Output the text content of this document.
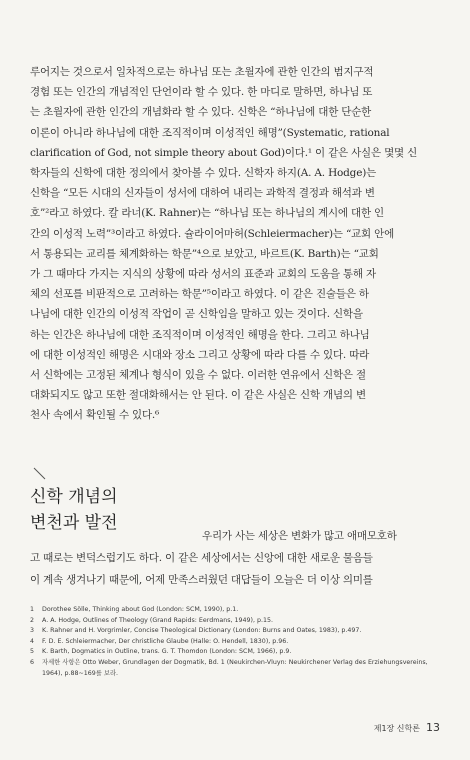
루어지는 것으로서 일차적으로는 하나님 또는 초월자에 관한 인간의 범지구적
경험 또는 인간의 개념적인 단언이라 할 수 있다. 한 마디로 말하면, 하나님 또
는 초월자에 관한 인간의 개념화라 할 수 있다. 신학은 “하나님에 대한 단순한
이론이 아니라 하나님에 대한 조직적이며 이성적인 해명”(Systematic, rational
clarification of God, not simple theory about God)이다.¹ 이 같은 사실은 몇몇 신
학자들의 신학에 대한 정의에서 찾아볼 수 있다. 신학자 하지(A. A. Hodge)는
신학을 “모든 시대의 신자들이 성서에 대하여 내리는 과학적 결정과 해석과 변
호”²라고 하였다. 칼 라너(K. Rahner)는 “하나님 또는 하나님의 계시에 대한 인
간의 이성적 노력”³이라고 하였다. 슐라이어마허(Schleiermacher)는 “교회 안에
서 통용되는 교리를 체계화하는 학문”⁴으로 보았고, 바르트(K. Barth)는 “교회
가 그 때마다 가지는 지식의 상황에 따라 성서의 표준과 교회의 도움을 통해 자
체의 선포를 비판적으로 고려하는 학문”⁵이라고 하였다. 이 같은 진술들은 하
나님에 대한 인간의 이성적 작업이 곧 신학임을 말하고 있는 것이다. 신학을
하는 인간은 하나님에 대한 조직적이며 이성적인 해명을 한다. 그리고 하나님
에 대한 이성적인 해명은 시대와 장소 그리고 상황에 따라 다를 수 있다. 따라
서 신학에는 고정된 체계나 형식이 있을 수 없다. 이러한 연유에서 신학은 절
대화되지도 않고 또한 절대화해서는 안 된다. 이 같은 사실은 신학 개념의 변
천사 속에서 확인될 수 있다.⁶
신학 개념의
변천과 발전
우리가 사는 세상은 변화가 많고 애매모호하
고 때로는 변덕스럽기도 하다. 이 같은 세상에서는 신앙에 대한 새로운 물음들
이 계속 생겨나기 때문에, 어제 만족스러웠던 대답들이 오늘은 더 이상 의미를
1	Dorothee Sölle, Thinking about God (London: SCM, 1990), p.1.
2	A. A. Hodge, Outlines of Theology (Grand Rapids: Eerdmans, 1949), p.15.
3	K. Rahner and H. Vorgrimler, Concise Theological Dictionary (London: Burns and Oates, 1983), p.497.
4	F. D. E. Schleiermacher, Der christliche Glaube (Halle: O. Hendell, 1830), p.96.
5	K. Barth, Dogmatics in Outline, trans. G. T. Thomdon (London: SCM, 1966), p.9.
6	자세한 사항은 Otto Weber, Grundlagen der Dogmatik, Bd. 1 (Neukirchen-Vluyn: Neukirchener Verlag des Erziehungsvereins,
1964), p.88~169를 보라.
제1장 신학론 13
